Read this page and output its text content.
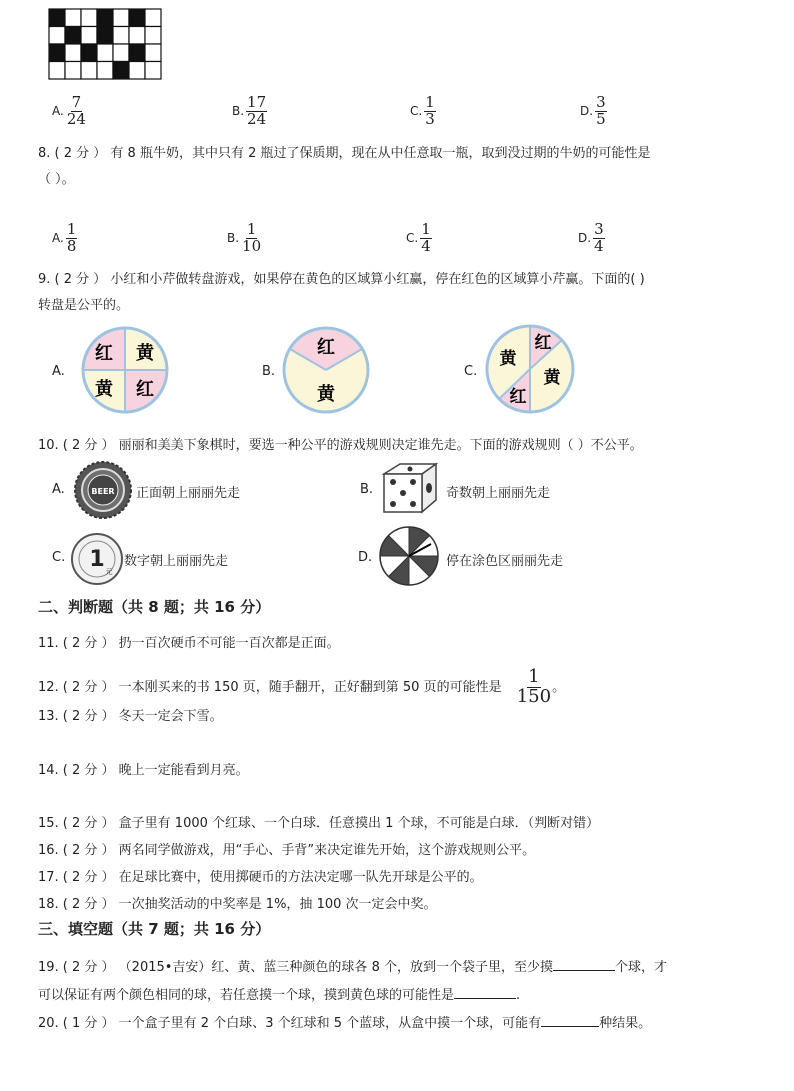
A. $\frac{7}{24}$	B. $\frac{17}{24}$	C. $\frac{1}{3}$	D. $\frac{3}{5}$
8. ( 2 分 ） 有 8 瓶牛奶，其中只有 2 瓶过了保质期，现在从中任意取一瓶，取到没过期的牛奶的可能性是
（ ）。
A. $\frac{1}{8}$	B. $\frac{1}{10}$	C. $\frac{1}{4}$	D. $\frac{3}{4}$
9. ( 2 分 ） 小红和小芹做转盘游戏，如果停在黄色的区域算小红赢，停在红色的区域算小芹赢。下面的( )
转盘是公平的。
A.
红 黄
黄 红
B.
红
黄
C.
红
黄
黄
红
10. ( 2 分 ） 丽丽和美美下象棋时，要选一种公平的游戏规则决定谁先走。下面的游戏规则（ ）不公平。
A.	BEER 正面朝上丽丽先走	B.	奇数朝上丽丽先走
C. 1 元
数字朝上丽丽先走	D.	停在涂色区丽丽先走
二、判断题（共 8 题；共 16 分）
11. ( 2 分 ） 扔一百次硬币不可能一百次都是正面。
12. ( 2 分 ） 一本刚买来的书 150 页，随手翻开，正好翻到第 50 页的可能性是 $\frac{1}{150}$ 。
13. ( 2 分 ） 冬天一定会下雪。
14. ( 2 分 ） 晚上一定能看到月亮。
15. ( 2 分 ） 盒子里有 1000 个红球、一个白球．任意摸出 1 个球，不可能是白球．（判断对错）
16. ( 2 分 ） 两名同学做游戏，用“手心、手背”来决定谁先开始，这个游戏规则公平。
17. ( 2 分 ） 在足球比赛中，使用掷硬币的方法决定哪一队先开球是公平的。
18. ( 2 分 ） 一次抽奖活动的中奖率是 1%，抽 100 次一定会中奖。
三、填空题（共 7 题；共 16 分）
19. ( 2 分 ） （2015•吉安）红、黄、蓝三种颜色的球各 8 个，放到一个袋子里，至少摸	个球，才
可以保证有两个颜色相同的球，若任意摸一个球，摸到黄色球的可能性是	.
20. ( 1 分 ） 一个盒子里有 2 个白球、3 个红球和 5 个蓝球，从盒中摸一个球，可能有	种结果。
